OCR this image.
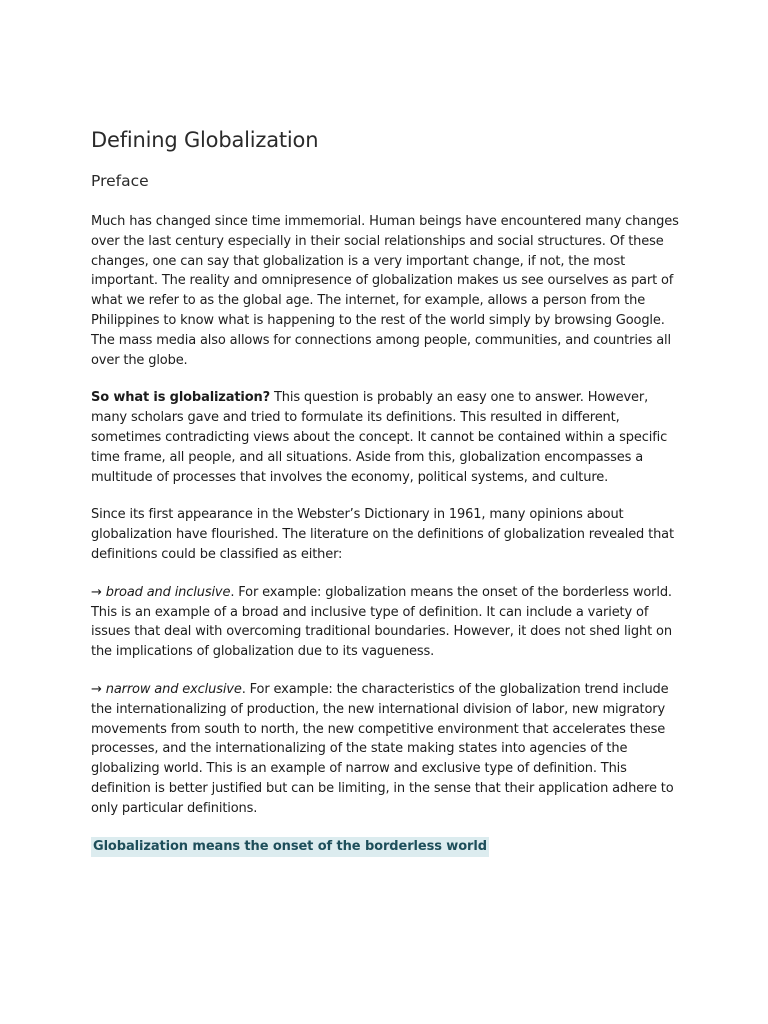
Defining Globalization
Preface

Much has changed since time immemorial. Human beings have encountered many changes over the last century especially in their social relationships and social structures. Of these changes, one can say that globalization is a very important change, if not, the most important. The reality and omnipresence of globalization makes us see ourselves as part of what we refer to as the global age. The internet, for example, allows a person from the Philippines to know what is happening to the rest of the world simply by browsing Google. The mass media also allows for connections among people, communities, and countries all over the globe.

So what is globalization? This question is probably an easy one to answer. However, many scholars gave and tried to formulate its definitions. This resulted in different, sometimes contradicting views about the concept. It cannot be contained within a specific time frame, all people, and all situations. Aside from this, globalization encompasses a multitude of processes that involves the economy, political systems, and culture.

Since its first appearance in the Webster’s Dictionary in 1961, many opinions about globalization have flourished. The literature on the definitions of globalization revealed that definitions could be classified as either:

→ broad and inclusive. For example: globalization means the onset of the borderless world. This is an example of a broad and inclusive type of definition. It can include a variety of issues that deal with overcoming traditional boundaries. However, it does not shed light on the implications of globalization due to its vagueness.

→ narrow and exclusive. For example: the characteristics of the globalization trend include the internationalizing of production, the new international division of labor, new migratory movements from south to north, the new competitive environment that accelerates these processes, and the internationalizing of the state making states into agencies of the globalizing world. This is an example of narrow and exclusive type of definition. This definition is better justified but can be limiting, in the sense that their application adhere to only particular definitions.

Globalization means the onset of the borderless world
